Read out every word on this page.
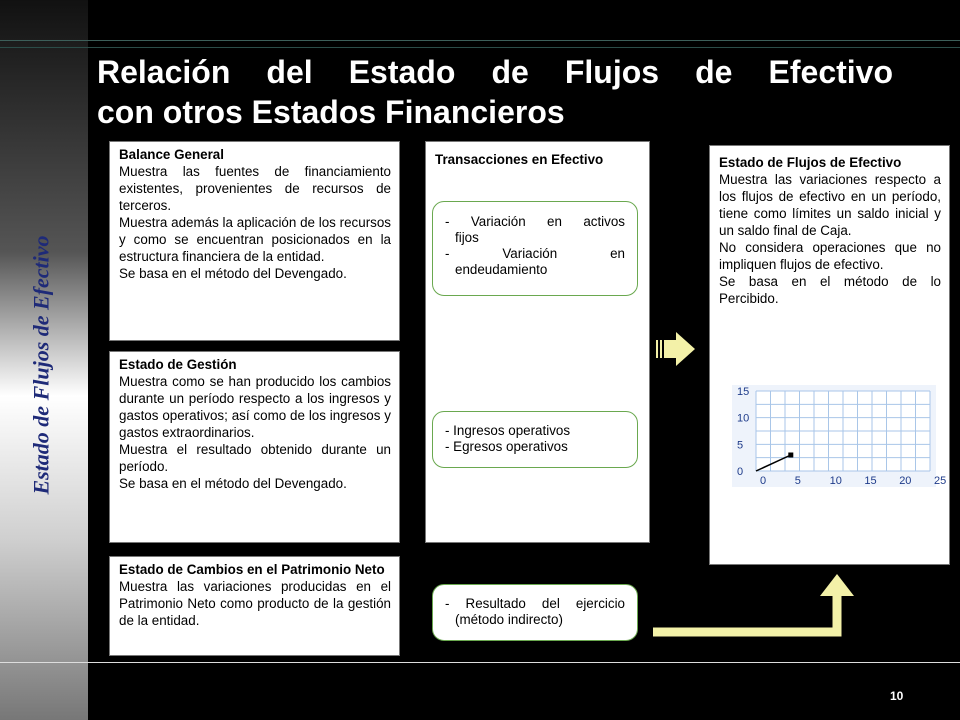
Estado de Flujos de Efectivo
Relación del Estado de Flujos de Efectivo
con otros Estados Financieros
Balance General
Muestra las fuentes de financiamiento existentes, provenientes de recursos de terceros.
Muestra además la aplicación de los recursos y como se encuentran posicionados en la estructura financiera de la entidad.
Se basa en el método del Devengado.
Estado de Gestión
Muestra como se han producido los cambios durante un período respecto a los ingresos y gastos operativos; así como de los ingresos y gastos extraordinarios.
Muestra el resultado obtenido durante un período.
Se basa en el método del Devengado.
Estado de Cambios en el Patrimonio Neto
Muestra las variaciones producidas en el Patrimonio Neto como producto de la gestión de la entidad.
Transacciones en Efectivo
- Variación en activos
fijos
- Variación en
endeudamiento
- Ingresos operativos
- Egresos operativos
- Resultado del ejercicio
(método indirecto)
Estado de Flujos de Efectivo
Muestra las variaciones respecto a los flujos de efectivo en un período, tiene como límites un saldo inicial y un saldo final de Caja.
No considera operaciones que no impliquen flujos de efectivo.
Se basa en el método de lo Percibido.
15
10
5
0
0	5	10 15 20 25
10
